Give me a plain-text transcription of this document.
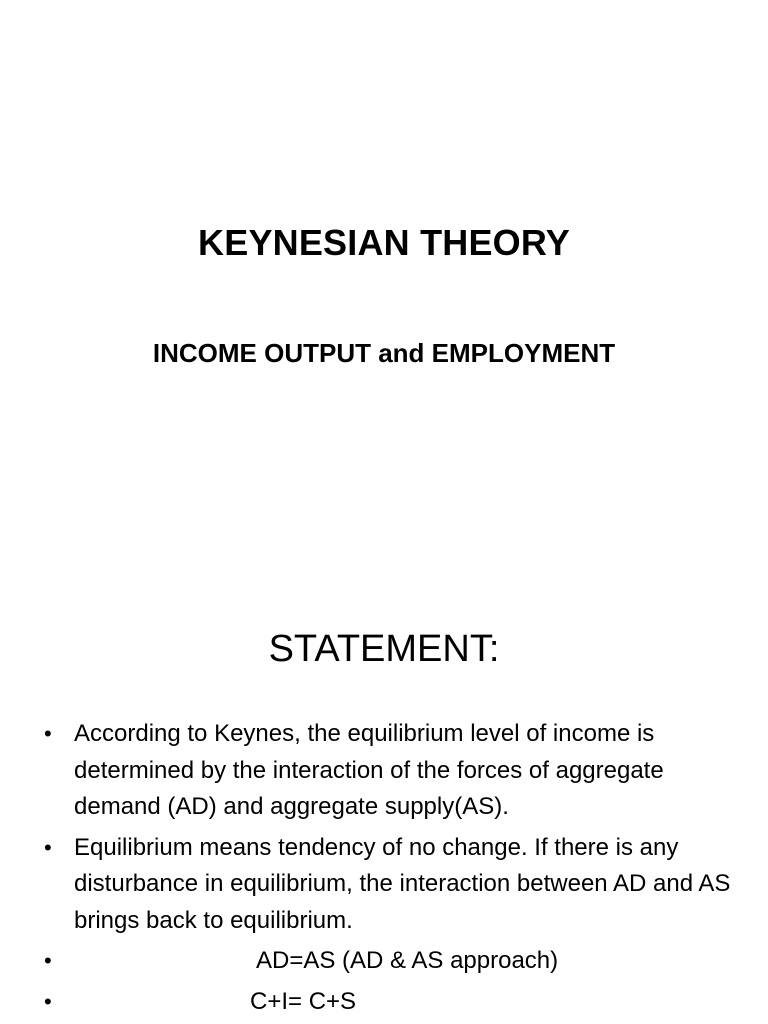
KEYNESIAN THEORY
INCOME OUTPUT and EMPLOYMENT
STATEMENT:
• According to Keynes, the equilibrium level of income is determined by the interaction of the forces of aggregate demand (AD) and aggregate supply(AS).
• Equilibrium means tendency of no change. If there is any disturbance in equilibrium, the interaction between AD and AS brings back to equilibrium.
•	AD=AS (AD & AS approach)
•	C+I= C+S
